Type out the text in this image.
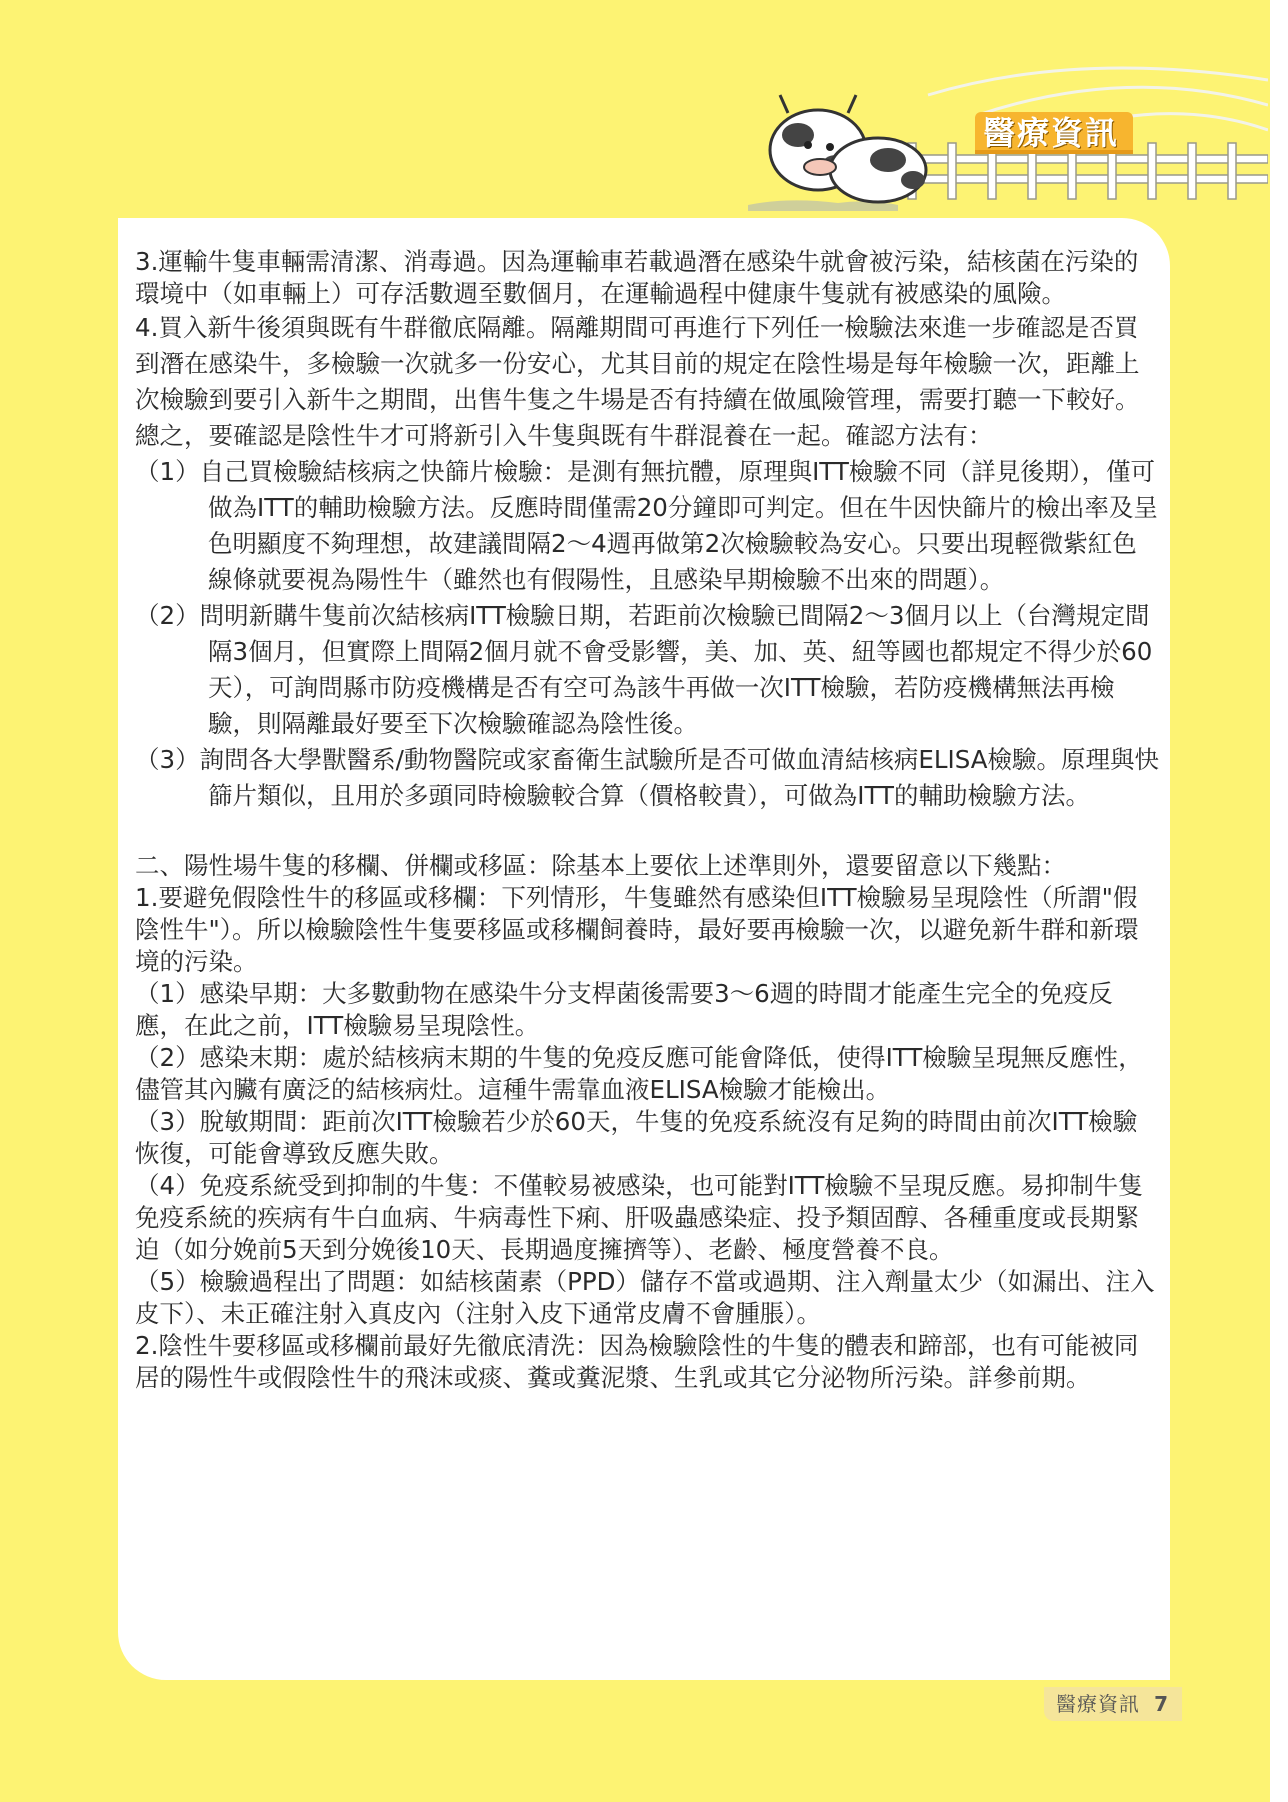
醫療資訊

3.運輸牛隻車輛需清潔、消毒過。因為運輸車若載過潛在感染牛就會被污染，結核菌在污染的環境中（如車輛上）可存活數週至數個月，在運輸過程中健康牛隻就有被感染的風險。

4.買入新牛後須與既有牛群徹底隔離。隔離期間可再進行下列任一檢驗法來進一步確認是否買到潛在感染牛，多檢驗一次就多一份安心，尤其目前的規定在陰性場是每年檢驗一次，距離上次檢驗到要引入新牛之期間，出售牛隻之牛場是否有持續在做風險管理，需要打聽一下較好。總之，要確認是陰性牛才可將新引入牛隻與既有牛群混養在一起。確認方法有：

（1）自己買檢驗結核病之快篩片檢驗：是測有無抗體，原理與ITT檢驗不同（詳見後期），僅可做為ITT的輔助檢驗方法。反應時間僅需20分鐘即可判定。但在牛因快篩片的檢出率及呈色明顯度不夠理想，故建議間隔2～4週再做第2次檢驗較為安心。只要出現輕微紫紅色線條就要視為陽性牛（雖然也有假陽性，且感染早期檢驗不出來的問題）。

（2）問明新購牛隻前次結核病ITT檢驗日期，若距前次檢驗已間隔2～3個月以上（台灣規定間隔3個月，但實際上間隔2個月就不會受影響，美、加、英、紐等國也都規定不得少於60天），可詢問縣市防疫機構是否有空可為該牛再做一次ITT檢驗，若防疫機構無法再檢驗，則隔離最好要至下次檢驗確認為陰性後。

（3）詢問各大學獸醫系/動物醫院或家畜衛生試驗所是否可做血清結核病ELISA檢驗。原理與快篩片類似，且用於多頭同時檢驗較合算（價格較貴），可做為ITT的輔助檢驗方法。

二、陽性場牛隻的移欄、併欄或移區：除基本上要依上述準則外，還要留意以下幾點：

1.要避免假陰性牛的移區或移欄：下列情形，牛隻雖然有感染但ITT檢驗易呈現陰性（所謂"假陰性牛"）。所以檢驗陰性牛隻要移區或移欄飼養時，最好要再檢驗一次，以避免新牛群和新環境的污染。

（1）感染早期：大多數動物在感染牛分支桿菌後需要3～6週的時間才能產生完全的免疫反應，在此之前，ITT檢驗易呈現陰性。

（2）感染末期：處於結核病末期的牛隻的免疫反應可能會降低，使得ITT檢驗呈現無反應性，儘管其內臟有廣泛的結核病灶。這種牛需靠血液ELISA檢驗才能檢出。

（3）脫敏期間：距前次ITT檢驗若少於60天，牛隻的免疫系統沒有足夠的時間由前次ITT檢驗恢復，可能會導致反應失敗。

（4）免疫系統受到抑制的牛隻：不僅較易被感染，也可能對ITT檢驗不呈現反應。易抑制牛隻免疫系統的疾病有牛白血病、牛病毒性下痢、肝吸蟲感染症、投予類固醇、各種重度或長期緊迫（如分娩前5天到分娩後10天、長期過度擁擠等）、老齡、極度營養不良。

（5）檢驗過程出了問題：如結核菌素（PPD）儲存不當或過期、注入劑量太少（如漏出、注入皮下）、未正確注射入真皮內（注射入皮下通常皮膚不會腫脹）。

2.陰性牛要移區或移欄前最好先徹底清洗：因為檢驗陰性的牛隻的體表和蹄部，也有可能被同居的陽性牛或假陰性牛的飛沫或痰、糞或糞泥漿、生乳或其它分泌物所污染。詳參前期。

醫療資訊 7
